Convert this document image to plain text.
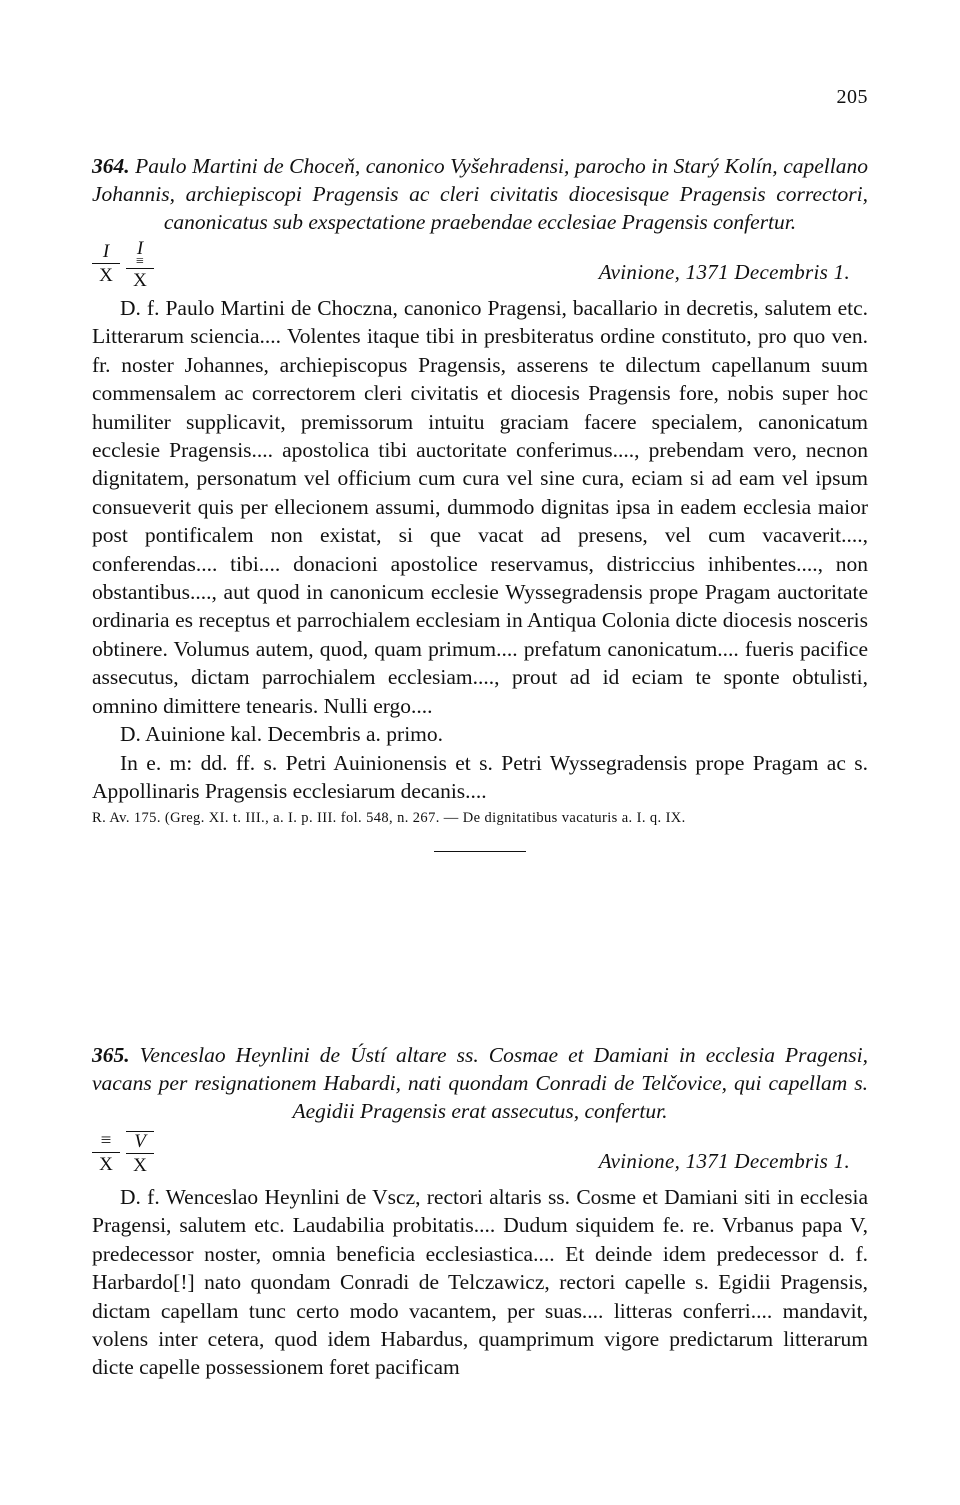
205
364. Paulo Martini de Choceň, canonico Vyšehradensi, parocho in Starý Kolín, capellano Johannis, archiepiscopi Pragensis ac cleri civitatis diocesisque Pragensis correctori, canonicatus sub exspectatione praebendae ecclesiae Pragensis confertur.
$\frac{I}{X}$ I
≡
X	Avinione, 1371 Decembris 1.

D. f. Paulo Martini de Choczna, canonico Pragensi, bacallario in decretis, salutem etc. Litterarum sciencia.... Volentes itaque tibi in presbiteratus ordine constituto, pro quo ven. fr. noster Johannes, archiepiscopus Pragensis, asserens te dilectum capellanum suum commensalem ac correctorem cleri civitatis et diocesis Pragensis fore, nobis super hoc humiliter supplicavit, premissorum intuitu graciam facere specialem, canonicatum ecclesie Pragensis.... apostolica tibi auctoritate conferimus...., prebendam vero, necnon dignitatem, personatum vel officium cum cura vel sine cura, eciam si ad eam vel ipsum consueverit quis per ellecionem assumi, dummodo dignitas ipsa in eadem ecclesia maior post pontificalem non existat, si que vacat ad presens, vel cum vacaverit...., conferendas.... tibi.... donacioni apostolice reservamus, districcius inhibentes...., non obstantibus...., aut quod in canonicum ecclesie Wyssegradensis prope Pragam auctoritate ordinaria es receptus et parrochialem ecclesiam in Antiqua Colonia dicte diocesis nosceris obtinere. Volumus autem, quod, quam primum.... prefatum canonicatum.... fueris pacifice assecutus, dictam parrochialem ecclesiam...., prout ad id eciam te sponte obtulisti, omnino dimittere tenearis. Nulli ergo....

D. Auinione kal. Decembris a. primo.

In e. m: dd. ff. s. Petri Auinionensis et s. Petri Wyssegradensis prope Pragam ac s. Appollinaris Pragensis ecclesiarum decanis....

R. Av. 175. (Greg. XI. t. III., a. I. p. III. fol. 548, n. 267. — De dignitatibus vacaturis a. I. q. IX.
365. Venceslao Heynlini de Ústí altare ss. Cosmae et Damiani in ecclesia Pragensi, vacans per resignationem Habardi, nati quondam Conradi de Telčovice, qui capellam s. Aegidii Pragensis erat assecutus, confertur.
≡
X $\frac{V}{X}$	Avinione, 1371 Decembris 1.

D. f. Wenceslao Heynlini de Vscz, rectori altaris ss. Cosme et Damiani siti in ecclesia Pragensi, salutem etc. Laudabilia probitatis.... Dudum siquidem fe. re. Vrbanus papa V, predecessor noster, omnia beneficia ecclesiastica.... Et deinde idem predecessor d. f. Harbardo[!] nato quondam Conradi de Telczawicz, rectori capelle s. Egidii Pragensis, dictam capellam tunc certo modo vacantem, per suas.... litteras conferri.... mandavit, volens inter cetera, quod idem Habardus, quamprimum vigore predictarum litterarum dicte capelle possessionem foret pacificam
